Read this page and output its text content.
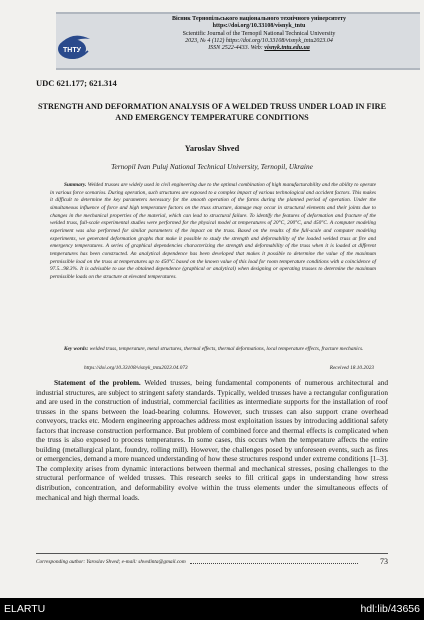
ТНТУ
Вісник Тернопільського національного технічного університету
https://doi.org/10.33108/visnyk_tntu
Scientific Journal of the Ternopil National Technical University
2023, № 4 (112) https://doi.org/10.33108/visnyk_tntu2023.04
ISSN 2522-4433. Web: visnyk.tntu.edu.ua
UDC 621.177; 621.314
STRENGTH AND DEFORMATION ANALYSIS OF A WELDED TRUSS UNDER LOAD IN FIRE AND EMERGENCY TEMPERATURE CONDITIONS
Yaroslav Shved
Ternopil Ivan Puluj National Technical University, Ternopil, Ukraine

Summary. Welded trusses are widely used in civil engineering due to the optimal combination of high manufacturability and the ability to operate in various force scenarios. During operation, such structures are exposed to a complex impact of various technological and accident factors. This makes it difficult to determine the key parameters necessary for the smooth operation of the farms during the planned period of operation. Under the simultaneous influence of force and high temperature factors on the truss structure, damage may occur in structural elements and their joints due to changes in the mechanical properties of the material, which can lead to structural failure. To identify the features of deformation and fracture of the welded truss, full-scale experimental studies were performed for the physical model at temperatures of 20°C, 200°C, and 450°C. A computer modeling experiment was also performed for similar parameters of the impact on the truss. Based on the results of the full-scale and computer modeling experiments, we generated deformation graphs that make it possible to study the strength and deformability of the loaded welded truss at fire and emergency temperatures. A series of graphical dependencies characterizing the strength and deformability of the truss when it is loaded at different temperatures has been constructed. An analytical dependence has been developed that makes it possible to determine the value of the maximum permissible load on the truss at temperatures up to 450°C based on the known value of this load for room temperature conditions with a coincidence of 97.5...98.3%. It is advisable to use the obtained dependence (graphical or analytical) when designing or operating trusses to determine the maximum permissible loads on the structure at elevated temperatures.

Key words: welded truss, temperature, metal structures, thermal effects, thermal deformations, local temperature effects, fracture mechanics.

https://doi.org/10.33108/visnyk_tntu2023.04.073	Received 18.10.2023

Statement of the problem. Welded trusses, being fundamental components of numerous architectural and industrial structures, are subject to stringent safety standards. Typically, welded trusses have a rectangular configuration and are used in the construction of industrial, commercial facilities as intermediate supports for the installation of roof trusses in the spans between the load-bearing columns. However, such trusses can also support crane overhead conveyors, tracks etc. Modern engineering approaches address most exploitation issues by introducing additional safety factors that increase construction performance. But problem of combined force and thermal effects is complicated when the truss is also exposed to process temperatures. In some cases, this occurs when the temperature affects the entire building (metallurgical plant, foundry, rolling mill). However, the challenges posed by unforeseen events, such as fires or emergencies, demand a more nuanced understanding of how these structures respond under extreme conditions [1–3]. The complexity arises from dynamic interactions between thermal and mechanical stresses, posing challenges to the structural performance of welded trusses. This research seeks to fill critical gaps in understanding how stress distribution, concentration, and deformability evolve within the truss elements under the simultaneous effects of mechanical and high thermal loads.

Corresponding author: Yaroslav Shved; e-mail: shvedinta@gmail.com	73
ELARTU	hdl:lib/43656
